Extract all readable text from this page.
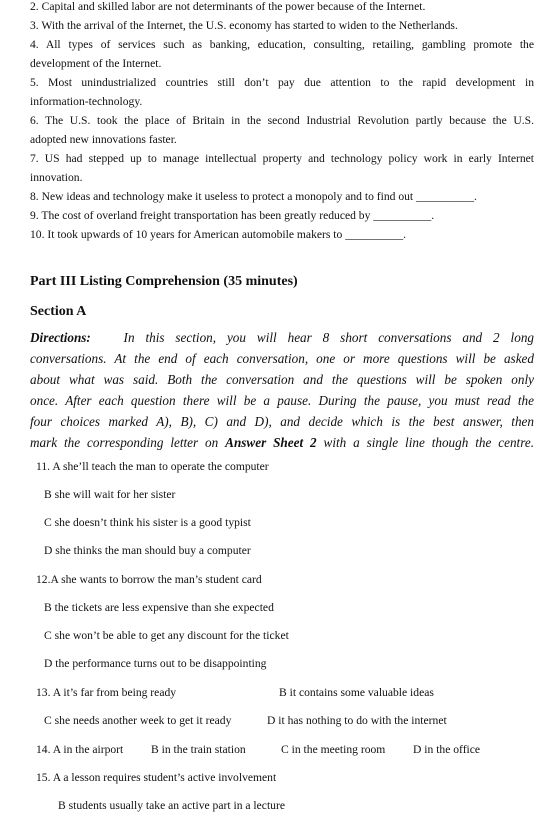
2. Capital and skilled labor are not determinants of the power because of the Internet.
3. With the arrival of the Internet, the U.S. economy has started to widen to the Netherlands.
4. All types of services such as banking, education, consulting, retailing, gambling promote the
development of the Internet.
5. Most unindustrialized countries still don’t pay due attention to the rapid development in
information-technology.
6. The U.S. took the place of Britain in the second Industrial Revolution partly because the U.S.
adopted new innovations faster.
7. US had stepped up to manage intellectual property and technology policy work in early Internet
innovation.
8. New ideas and technology make it useless to protect a monopoly and to find out __________.
9. The cost of overland freight transportation has been greatly reduced by __________.
10. It took upwards of 10 years for American automobile makers to __________.
Part III Listing Comprehension (35 minutes)
Section A
Directions: In this section, you will hear 8 short conversations and 2 long
conversations. At the end of each conversation, one or more questions will be asked
about what was said. Both the conversation and the questions will be spoken only
once. After each question there will be a pause. During the pause, you must read the
four choices marked A), B), C) and D), and decide which is the best answer, then
mark the corresponding letter on Answer Sheet 2 with a single line though the centre.
11. A she’ll teach the man to operate the computer
B she will wait for her sister
C she doesn’t think his sister is a good typist
D she thinks the man should buy a computer
12.A she wants to borrow the man’s student card
B the tickets are less expensive than she expected
C she won’t be able to get any discount for the ticket
D the performance turns out to be disappointing
13. A it’s far from being ready	B it contains some valuable ideas
C she needs another week to get it ready	D it has nothing to do with the internet
14. A in the airport B in the train station	C in the meeting room D in the office
15. A a lesson requires student’s active involvement
B students usually take an active part in a lecture
